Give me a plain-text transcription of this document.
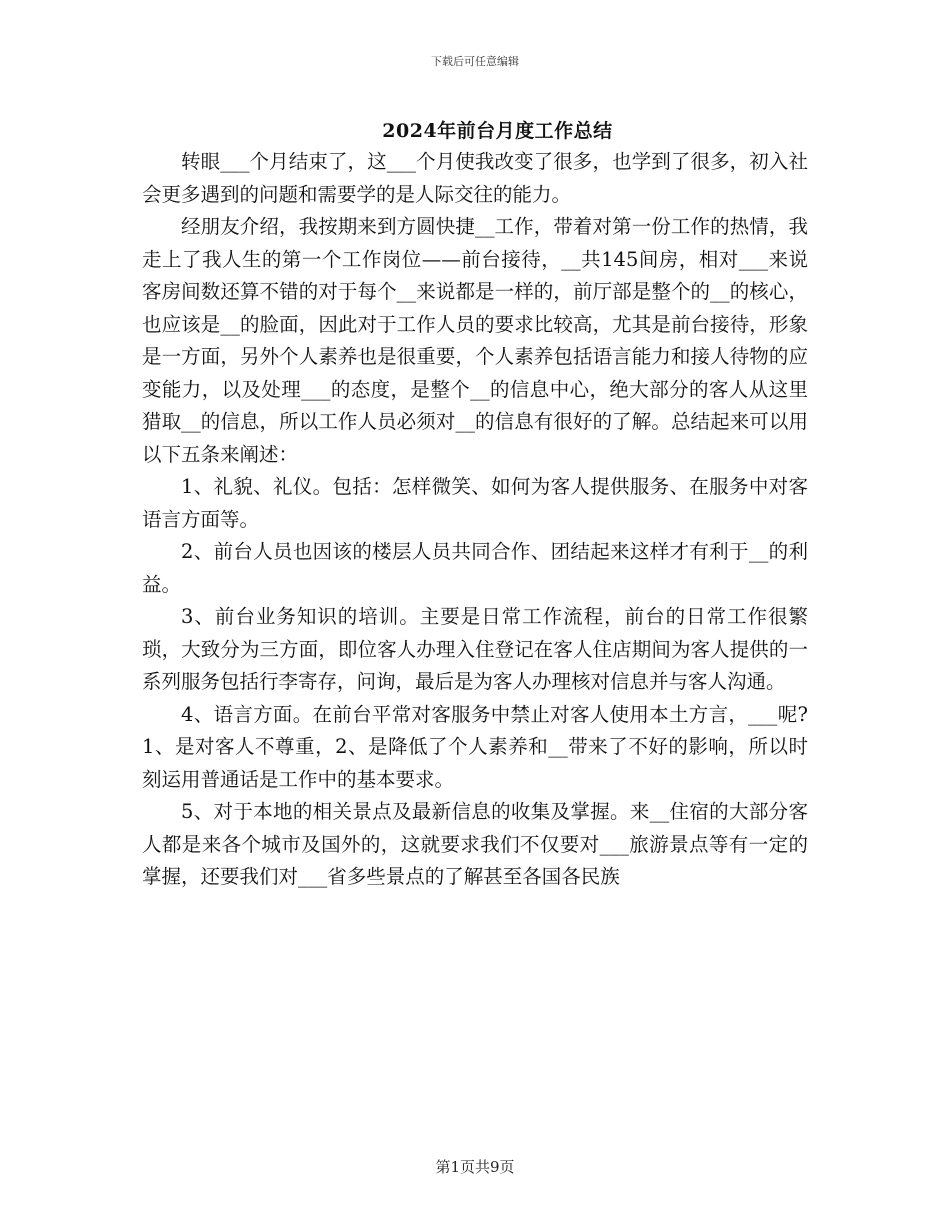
下载后可任意编辑
2024年前台月度工作总结

转眼___个月结束了，这___个月使我改变了很多，也学到了很多，初入社会更多遇到的问题和需要学的是人际交往的能力。

经朋友介绍，我按期来到方圆快捷__工作，带着对第一份工作的热情，我走上了我人生的第一个工作岗位——前台接待，__共145间房，相对___来说客房间数还算不错的对于每个__来说都是一样的，前厅部是整个的__的核心，也应该是__的脸面，因此对于工作人员的要求比较高，尤其是前台接待，形象是一方面，另外个人素养也是很重要，个人素养包括语言能力和接人待物的应变能力，以及处理___的态度，是整个__的信息中心，绝大部分的客人从这里猎取__的信息，所以工作人员必须对__的信息有很好的了解。总结起来可以用以下五条来阐述：

1、礼貌、礼仪。包括：怎样微笑、如何为客人提供服务、在服务中对客语言方面等。

2、前台人员也因该的楼层人员共同合作、团结起来这样才有利于__的利益。

3、前台业务知识的培训。主要是日常工作流程，前台的日常工作很繁琐，大致分为三方面，即位客人办理入住登记在客人住店期间为客人提供的一系列服务包括行李寄存，问询，最后是为客人办理核对信息并与客人沟通。

4、语言方面。在前台平常对客服务中禁止对客人使用本土方言，___呢?1、是对客人不尊重，2、是降低了个人素养和__带来了不好的影响，所以时刻运用普通话是工作中的基本要求。

5、对于本地的相关景点及最新信息的收集及掌握。来__住宿的大部分客人都是来各个城市及国外的，这就要求我们不仅要对___旅游景点等有一定的掌握，还要我们对___省多些景点的了解甚至各国各民族

第1页共9页
